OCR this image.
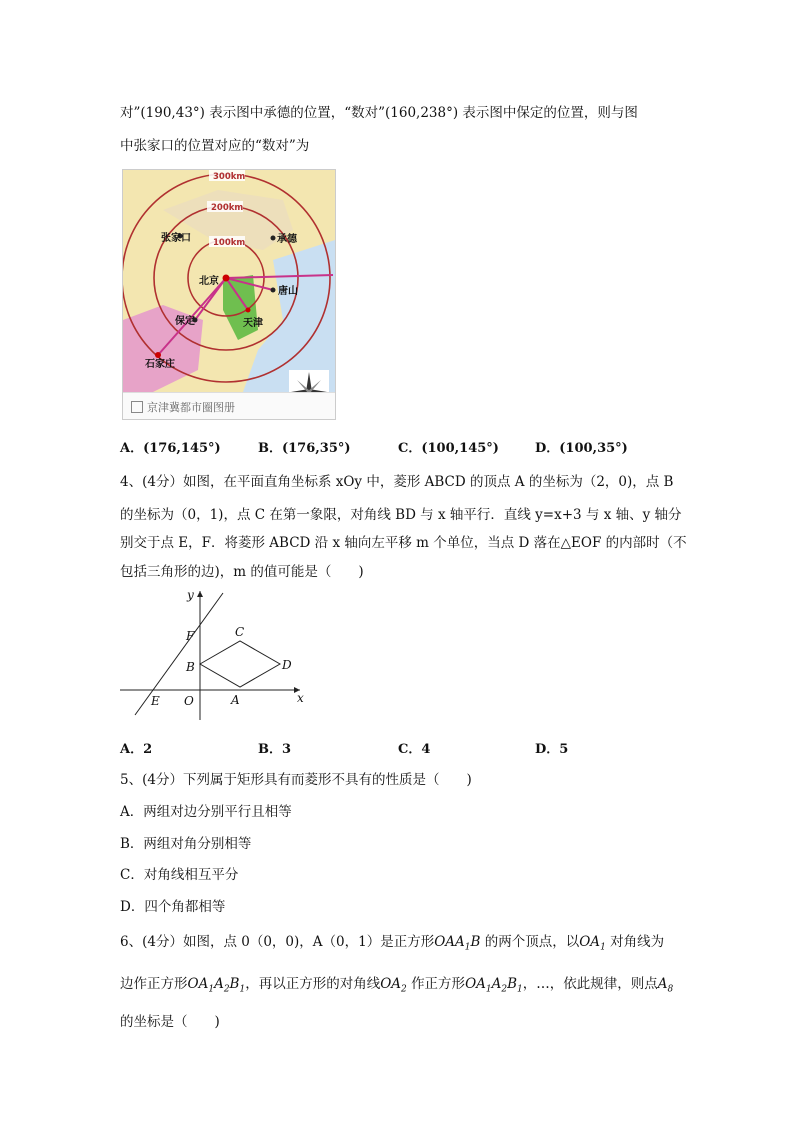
对”(190,43°) 表示图中承德的位置，“数对”(160,238°) 表示图中保定的位置，则与图
中张家口的位置对应的“数对”为
300km
200km
100km
张家口	承德
北京
唐山
天津
保定
石家庄
京津冀都市圈图册
A．(176,145°)	B．(176,35°)	C．(100,145°)	D．(100,35°)
4、(4分）如图，在平面直角坐标系 xOy 中，菱形 ABCD 的顶点 A 的坐标为（2，0)，点 B
的坐标为（0，1)，点 C 在第一象限，对角线 BD 与 x 轴平行．直线 y=x+3 与 x 轴、y 轴分
别交于点 E，F．将菱形 ABCD 沿 x 轴向左平移 m 个单位，当点 D 落在△EOF 的内部时（不
包括三角形的边)，m 的值可能是（　　)
y
x
F	C
B	D
E O	A
A．2	B．3	C．4	D．5
5、(4分）下列属于矩形具有而菱形不具有的性质是（　　)
A．两组对边分别平行且相等
B．两组对角分别相等
C．对角线相互平分
D．四个角都相等
6、(4分）如图，点 0（0，0)，A（0，1）是正方形$OAA_1B$ 的两个顶点，以$OA_1$ 对角线为
边作正方形$OA_1A_2B_1$，再以正方形的对角线$OA_2$ 作正方形$OA_1A_2B_1$，…，依此规律，则点$A_8$
的坐标是（　　)
